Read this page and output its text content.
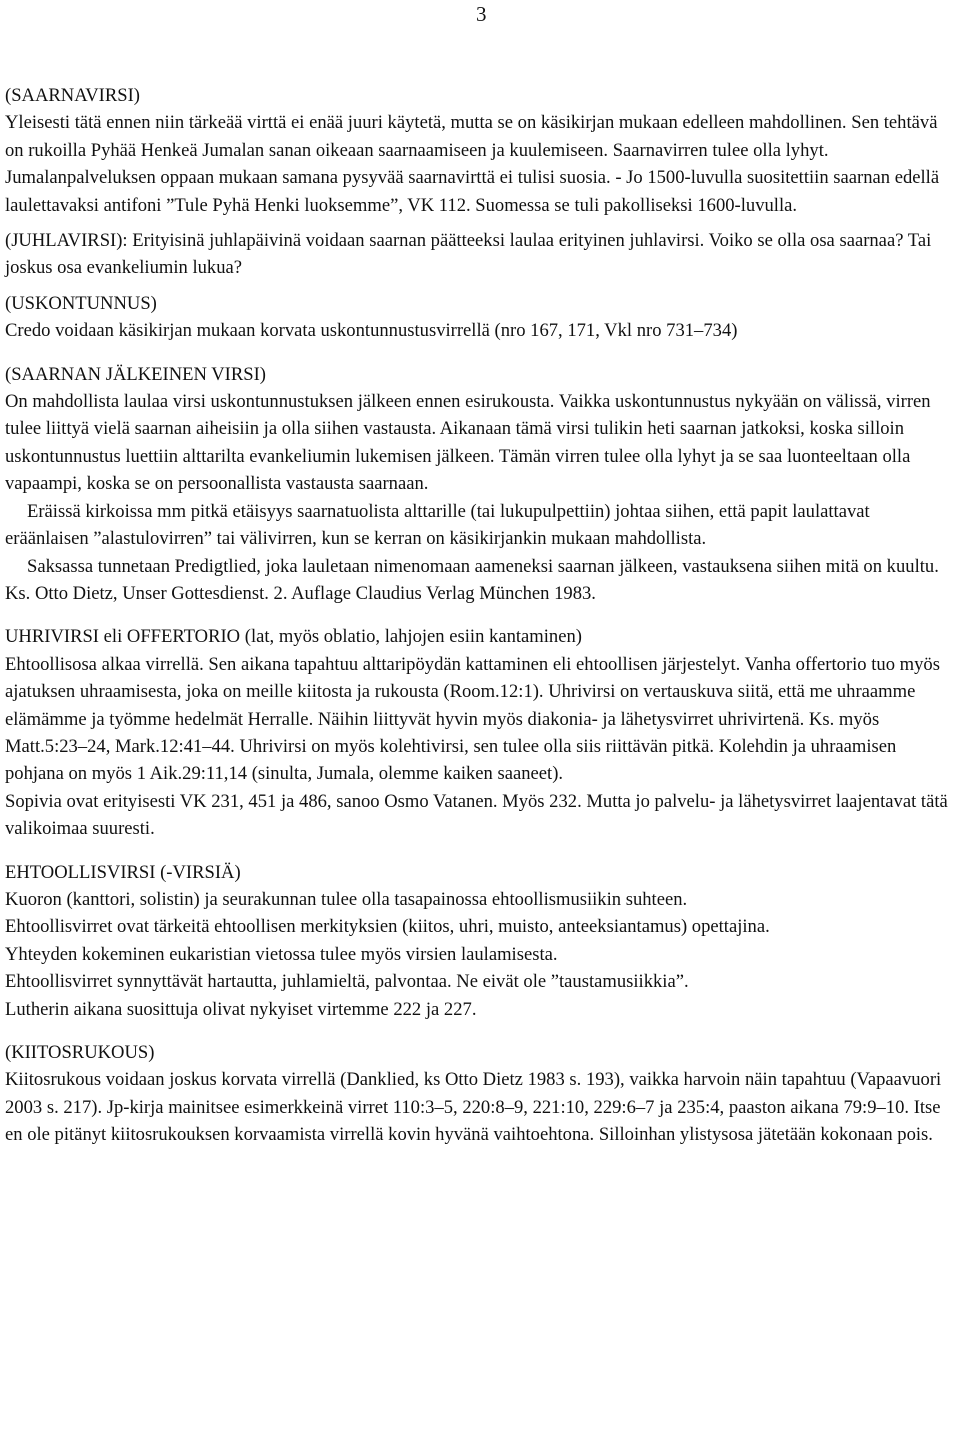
3
(SAARNAVIRSI)

Yleisesti tätä ennen niin tärkeää virttä ei enää juuri käytetä, mutta se on käsikirjan mukaan edelleen mahdollinen. Sen tehtävä on rukoilla Pyhää Henkeä Jumalan sanan oikeaan saarnaamiseen ja kuulemiseen. Saarnavirren tulee olla lyhyt. Jumalanpalveluksen oppaan mukaan samana pysyvää saarnavirttä ei tulisi suosia. - Jo 1500-luvulla suositettiin saarnan edellä laulettavaksi antifoni ”Tule Pyhä Henki luoksemme”, VK 112. Suomessa se tuli pakolliseksi 1600-luvulla.

(JUHLAVIRSI): Erityisinä juhlapäivinä voidaan saarnan päätteeksi laulaa erityinen juhlavirsi. Voiko se olla osa saarnaa? Tai joskus osa evankeliumin lukua?

(USKONTUNNUS)

Credo voidaan käsikirjan mukaan korvata uskontunnustusvirrellä (nro 167, 171, Vkl nro 731–734)

(SAARNAN JÄLKEINEN VIRSI)

On mahdollista laulaa virsi uskontunnustuksen jälkeen ennen esirukousta. Vaikka uskontunnustus nykyään on välissä, virren tulee liittyä vielä saarnan aiheisiin ja olla siihen vastausta. Aikanaan tämä virsi tulikin heti saarnan jatkoksi, koska silloin uskontunnustus luettiin alttarilta evankeliumin lukemisen jälkeen. Tämän virren tulee olla lyhyt ja se saa luonteeltaan olla vapaampi, koska se on persoonallista vastausta saarnaan.

Eräissä kirkoissa mm pitkä etäisyys saarnatuolista alttarille (tai lukupulpettiin) johtaa siihen, että papit laulattavat eräänlaisen ”alastulovirren” tai välivirren, kun se kerran on käsikirjankin mukaan mahdollista.

Saksassa tunnetaan Predigtlied, joka lauletaan nimenomaan aameneksi saarnan jälkeen, vastauksena siihen mitä on kuultu. Ks. Otto Dietz, Unser Gottesdienst. 2. Auflage Claudius Verlag München 1983.

UHRIVIRSI eli OFFERTORIO (lat, myös oblatio, lahjojen esiin kantaminen)

Ehtoollisosa alkaa virrellä. Sen aikana tapahtuu alttaripöydän kattaminen eli ehtoollisen järjestelyt. Vanha offertorio tuo myös ajatuksen uhraamisesta, joka on meille kiitosta ja rukousta (Room.12:1). Uhrivirsi on vertauskuva siitä, että me uhraamme elämämme ja työmme hedelmät Herralle. Näihin liittyvät hyvin myös diakonia- ja lähetysvirret uhrivirtenä. Ks. myös Matt.5:23–24, Mark.12:41–44. Uhrivirsi on myös kolehtivirsi, sen tulee olla siis riittävän pitkä. Kolehdin ja uhraamisen pohjana on myös 1 Aik.29:11,14 (sinulta, Jumala, olemme kaiken saaneet).

Sopivia ovat erityisesti VK 231, 451 ja 486, sanoo Osmo Vatanen. Myös 232. Mutta jo palvelu- ja lähetysvirret laajentavat tätä valikoimaa suuresti.

EHTOOLLISVIRSI (-VIRSIÄ)

Kuoron (kanttori, solistin) ja seurakunnan tulee olla tasapainossa ehtoollismusiikin suhteen.

Ehtoollisvirret ovat tärkeitä ehtoollisen merkityksien (kiitos, uhri, muisto, anteeksiantamus) opettajina.

Yhteyden kokeminen eukaristian vietossa tulee myös virsien laulamisesta.

Ehtoollisvirret synnyttävät hartautta, juhlamieltä, palvontaa. Ne eivät ole ”taustamusiikkia”.

Lutherin aikana suosittuja olivat nykyiset virtemme 222 ja 227.

(KIITOSRUKOUS)

Kiitosrukous voidaan joskus korvata virrellä (Danklied, ks Otto Dietz 1983 s. 193), vaikka harvoin näin tapahtuu (Vapaavuori 2003 s. 217). Jp-kirja mainitsee esimerkkeinä virret 110:3–5, 220:8–9, 221:10, 229:6–7 ja 235:4, paaston aikana 79:9–10. Itse en ole pitänyt kiitosrukouksen korvaamista virrellä kovin hyvänä vaihtoehtona. Silloinhan ylistysosa jätetään kokonaan pois.
